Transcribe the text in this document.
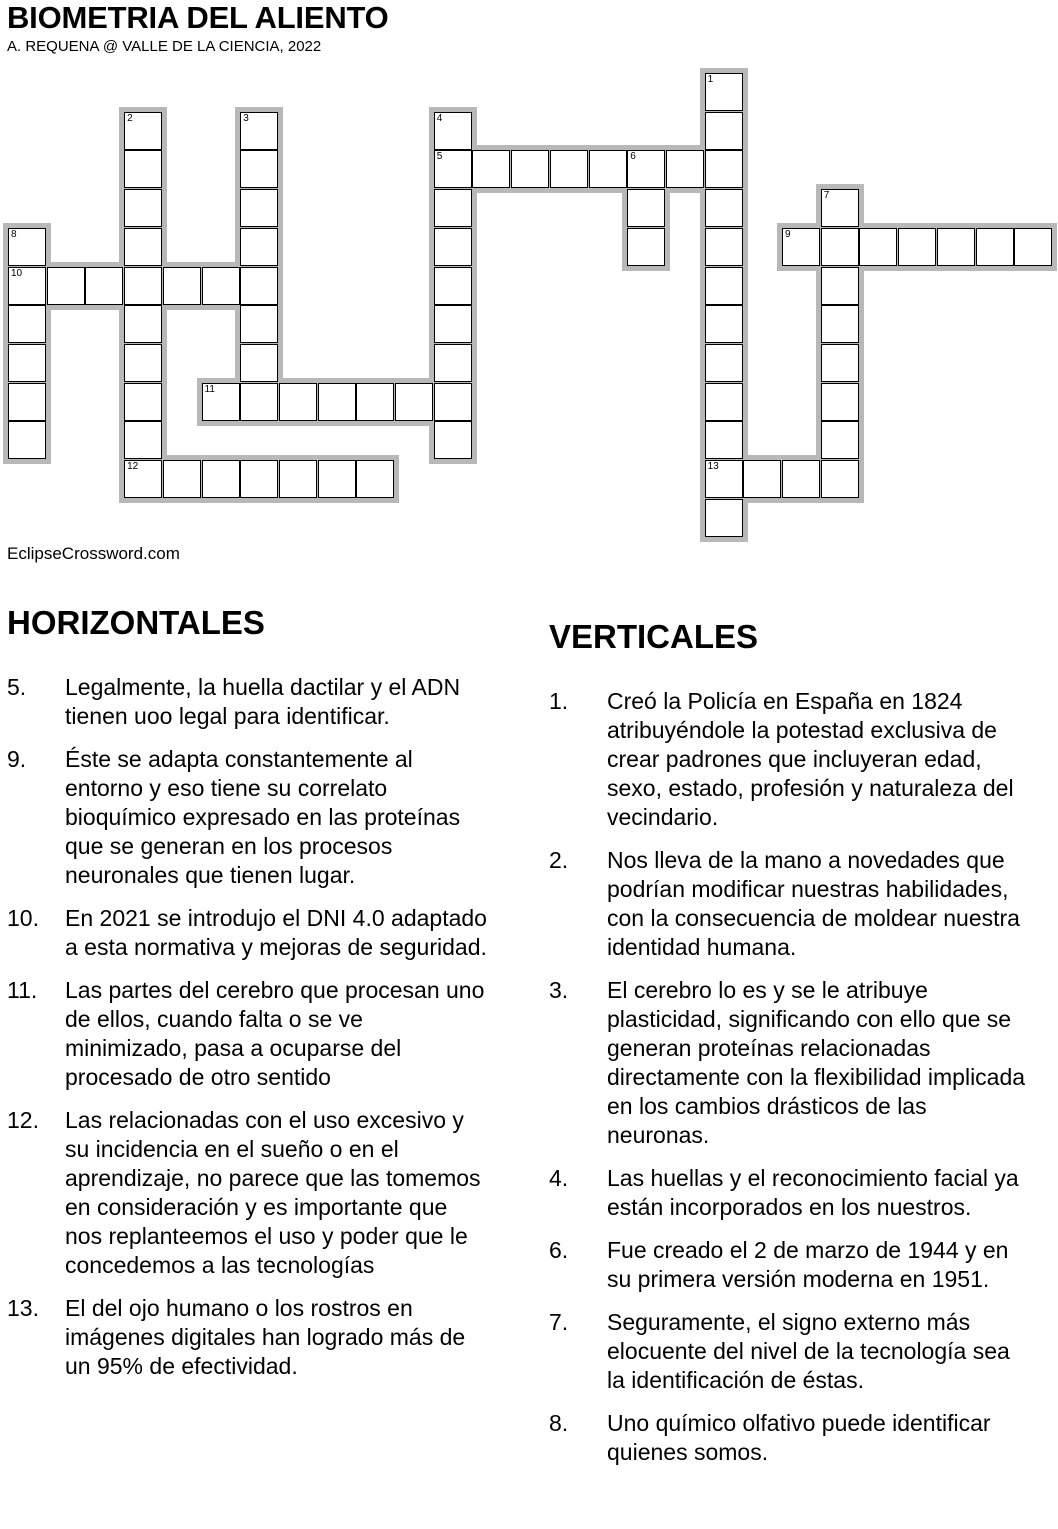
BIOMETRIA DEL ALIENTO
A. REQUENA @ VALLE DE LA CIENCIA, 2022
1
13
2	3	4
5	6
7
8
10
9
11
12
EclipseCrossword.com
HORIZONTALES	VERTICALES
5.	Legalmente, la huella dactilar y el ADN tienen uoo legal para identificar.
9.	Éste se adapta constantemente al entorno y eso tiene su correlato bioquímico expresado en las proteínas que se generan en los procesos neuronales que tienen lugar.
10.	En 2021 se introdujo el DNI 4.0 adaptado a esta normativa y mejoras de seguridad.
11.	Las partes del cerebro que procesan uno de ellos, cuando falta o se ve minimizado, pasa a ocuparse del procesado de otro sentido
12.	Las relacionadas con el uso excesivo y su incidencia en el sueño o en el aprendizaje, no parece que las tomemos en consideración y es importante que nos replanteemos el uso y poder que le concedemos a las tecnologías
13.	El del ojo humano o los rostros en imágenes digitales han logrado más de un 95% de efectividad.
1.	Creó la Policía en España en 1824 atribuyéndole la potestad exclusiva de crear padrones que incluyeran edad, sexo, estado, profesión y naturaleza del vecindario.
2.	Nos lleva de la mano a novedades que podrían modificar nuestras habilidades, con la consecuencia de moldear nuestra identidad humana.
3.	El cerebro lo es y se le atribuye plasticidad, significando con ello que se generan proteínas relacionadas directamente con la flexibilidad implicada en los cambios drásticos de las neuronas.
4.	Las huellas y el reconocimiento facial ya están incorporados en los nuestros.
6.	Fue creado el 2 de marzo de 1944 y en su primera versión moderna en 1951.
7.	Seguramente, el signo externo más elocuente del nivel de la tecnología sea la identificación de éstas.
8.	Uno químico olfativo puede identificar quienes somos.
